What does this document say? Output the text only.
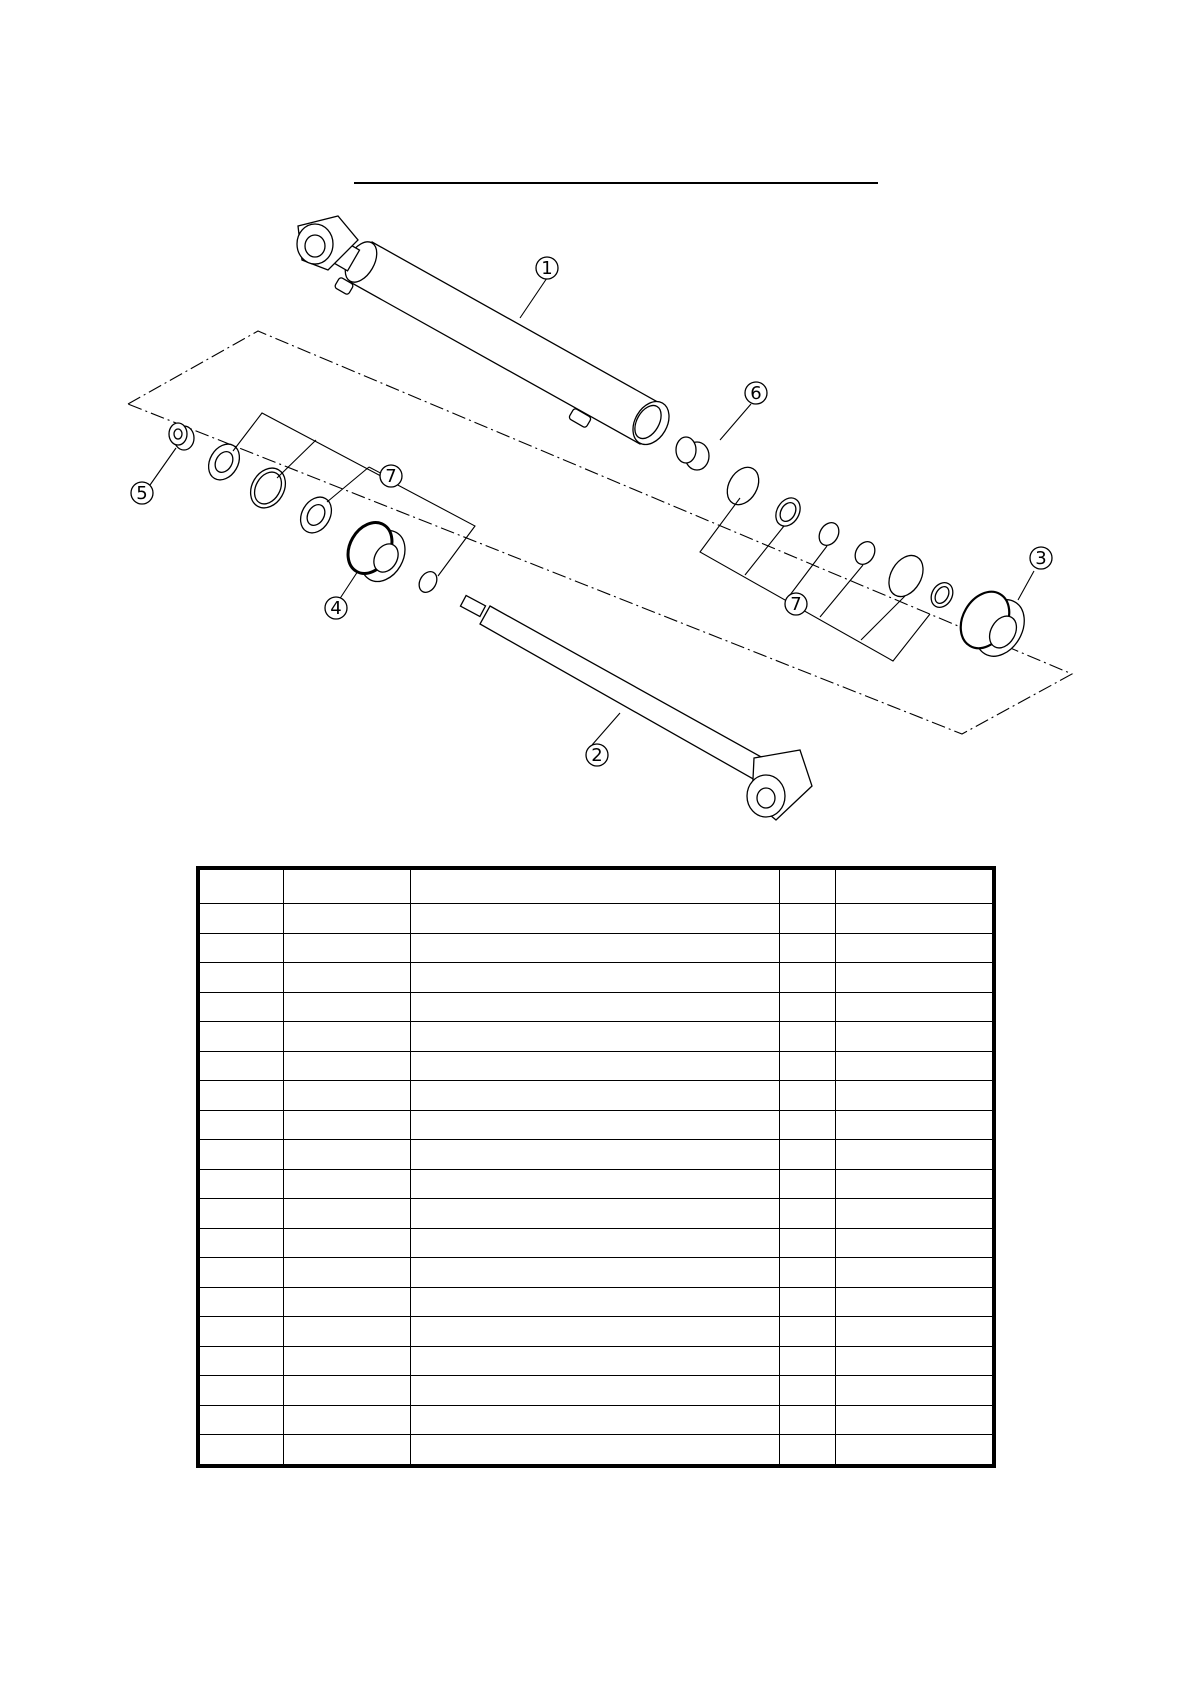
1
2
3
4
5
6
7
7
